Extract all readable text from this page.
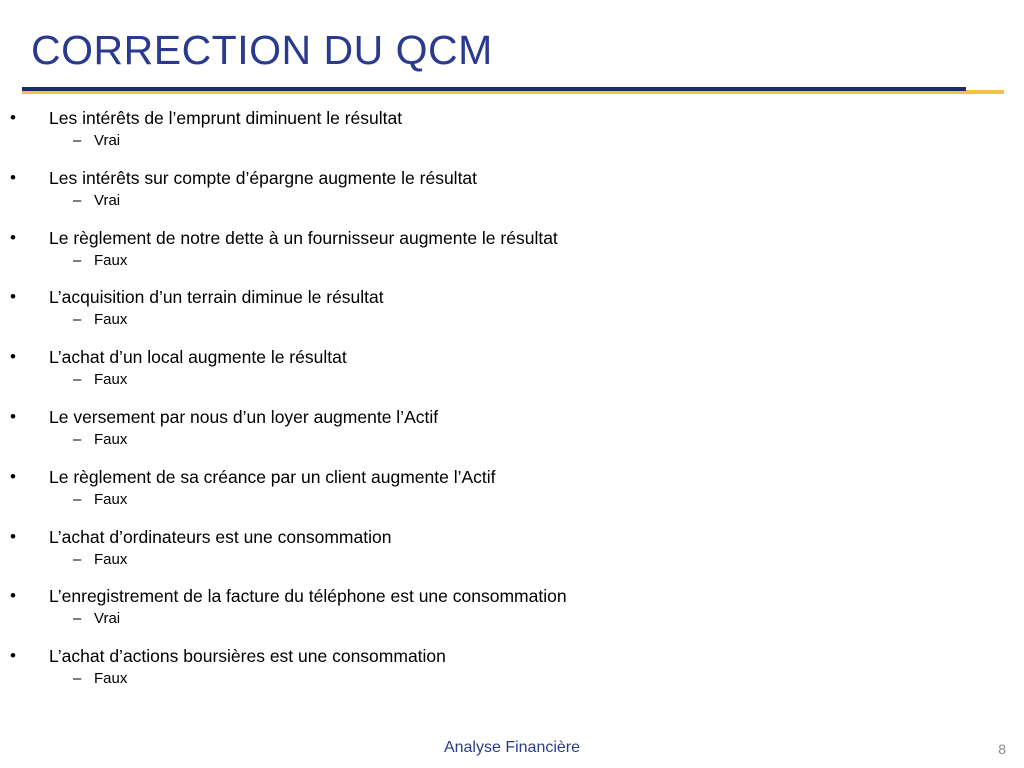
CORRECTION DU QCM
• Les intérêts de l’emprunt diminuent le résultat
– Vrai
• Les intérêts sur compte d’épargne augmente le résultat
– Vrai
• Le règlement de notre dette à un fournisseur augmente le résultat
– Faux
• L’acquisition d’un terrain diminue le résultat
– Faux
• L’achat d’un local augmente le résultat
– Faux
• Le versement par nous d’un loyer augmente l’Actif
– Faux
• Le règlement de sa créance par un client augmente l’Actif
– Faux
• L’achat d’ordinateurs est une consommation
– Faux
• L’enregistrement de la facture du téléphone est une consommation
– Vrai
• L’achat d’actions boursières est une consommation
– Faux
Analyse Financière	8
